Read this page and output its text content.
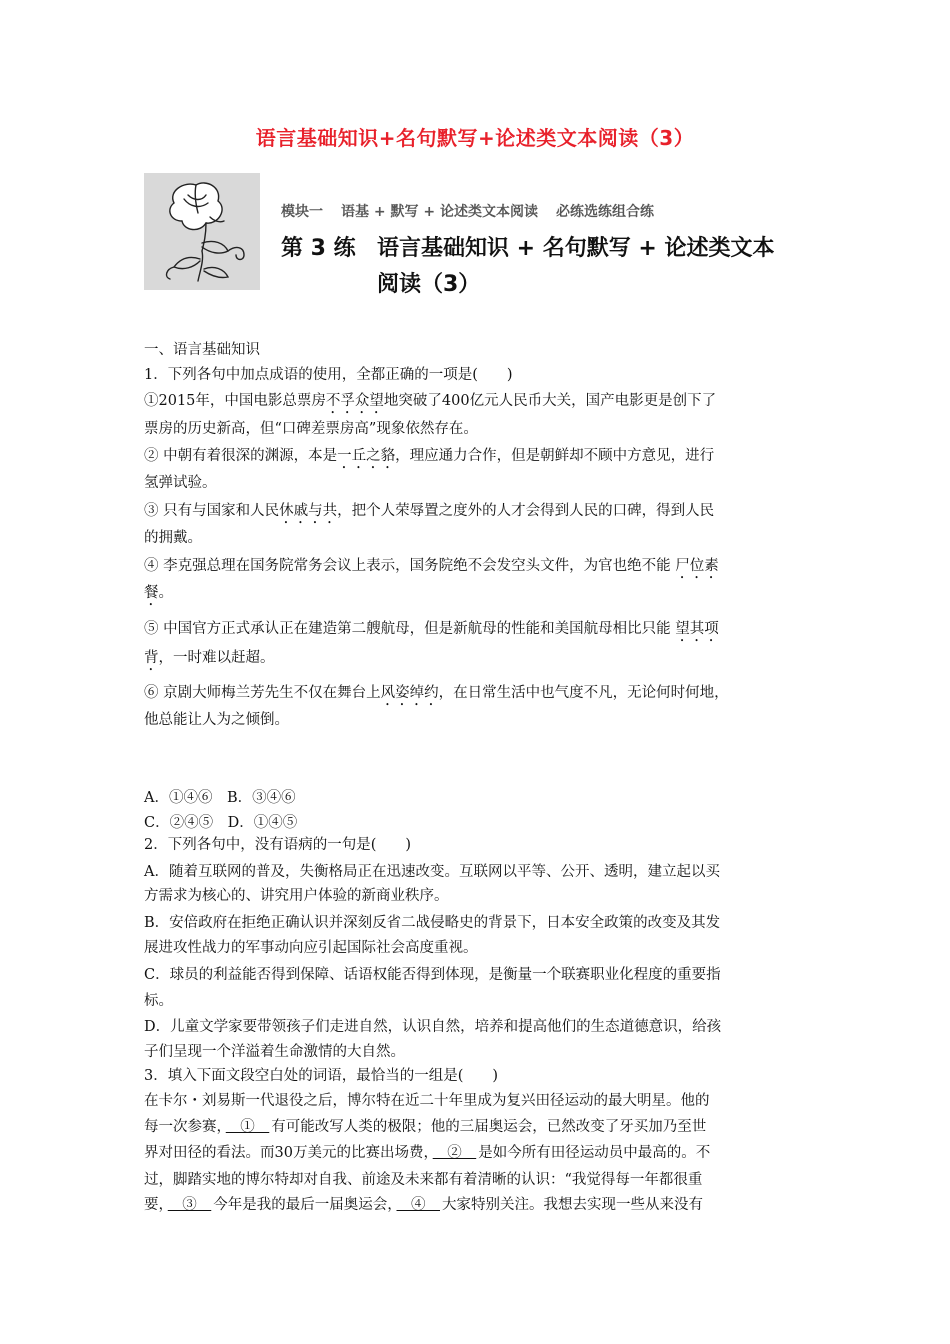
语言基础知识+名句默写+论述类文本阅读（3）
模块一 语基 + 默写 + 论述类文本阅读 必练选练组合练
第 3 练 语言基础知识 + 名句默写 + 论述类文本
阅读（3）
一、语言基础知识
1．下列各句中加点成语的使用，全都正确的一项是(　　)
①2015年，中国电影总票房不孚众望地突破了400亿元人民币大关，国产电影更是创下了
票房的历史新高，但“口碑差票房高”现象依然存在。
② 中朝有着很深的渊源，本是一丘之貉，理应通力合作，但是朝鲜却不顾中方意见，进行
氢弹试验。
③ 只有与国家和人民休戚与共，把个人荣辱置之度外的人才会得到人民的口碑，得到人民
的拥戴。
④ 李克强总理在国务院常务会议上表示，国务院绝不会发空头文件，为官也绝不能 尸位素
餐。
⑤ 中国官方正式承认正在建造第二艘航母，但是新航母的性能和美国航母相比只能 望其项
背，一时难以赶超。
⑥ 京剧大师梅兰芳先生不仅在舞台上风姿绰约，在日常生活中也气度不凡，无论何时何地，
他总能让人为之倾倒。
A．①④⑥　B．③④⑥
C．②④⑤　D．①④⑤
2．下列各句中，没有语病的一句是(　　)
A．随着互联网的普及，失衡格局正在迅速改变。互联网以平等、公开、透明，建立起以买
方需求为核心的、讲究用户体验的新商业秩序。
B．安倍政府在拒绝正确认识并深刻反省二战侵略史的背景下，日本安全政策的改变及其发
展进攻性战力的军事动向应引起国际社会高度重视。
C．球员的利益能否得到保障、话语权能否得到体现，是衡量一个联赛职业化程度的重要指
标。
D．儿童文学家要带领孩子们走进自然，认识自然，培养和提高他们的生态道德意识，给孩
子们呈现一个洋溢着生命激情的大自然。
3．填入下面文段空白处的词语，最恰当的一组是(　　)
在卡尔・刘易斯一代退役之后，博尔特在近二十年里成为复兴田径运动的最大明星。他的
每一次参赛，　①　有可能改写人类的极限；他的三届奥运会，已然改变了牙买加乃至世
界对田径的看法。而30万美元的比赛出场费，　②　是如今所有田径运动员中最高的。不
过，脚踏实地的博尔特却对自我、前途及未来都有着清晰的认识：“我觉得每一年都很重
要，　③　今年是我的最后一届奥运会，　④　大家特别关注。我想去实现一些从来没有
